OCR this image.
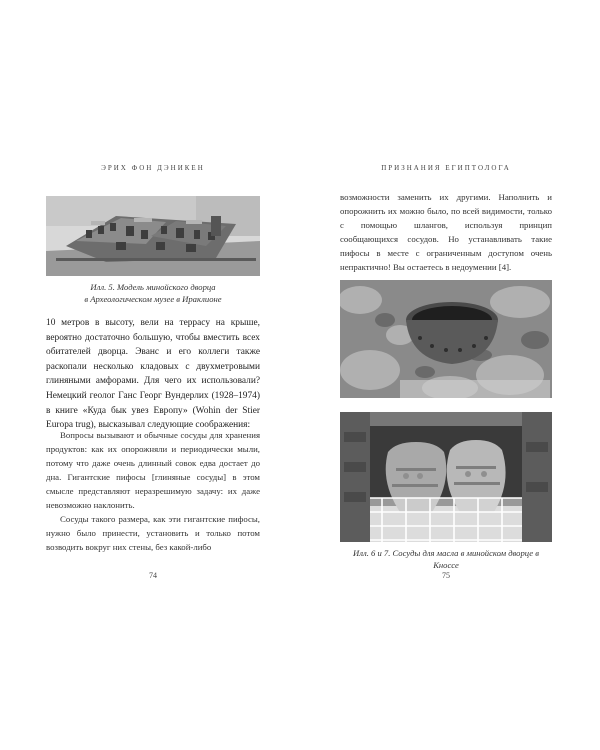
ЭРИХ ФОН ДЭНИКЕН
Илл. 5. Модель минойского дворца
в Археологическом музее в Ираклионе

10 метров в высоту, вели на террасу на крыше, вероятно достаточно большую, чтобы вместить всех обитателей дворца. Эванс и его коллеги также раскопали несколько кладовых с двухметровыми глиняными амфорами. Для чего их использовали? Немецкий геолог Ганс Георг Вундерлих (1928–1974) в книге «Куда бык увез Европу» (Wohin der Stier Europa trug), высказывал следующие соображения:

Вопросы вызывают и обычные сосуды для хранения продуктов: как их опорожняли и периодически мыли, потому что даже очень длинный совок едва достает до дна. Гигантские пифосы [глиняные сосуды] в этом смысле представляют неразрешимую задачу: их даже невозможно наклонить.

Сосуды такого размера, как эти гигантские пифосы, нужно было принести, установить и только потом возводить вокруг них стены, без какой-либо

74
ПРИЗНАНИЯ ЕГИПТОЛОГА

возможности заменить их другими. Наполнить и опорожнить их можно было, по всей видимости, только с помощью шлангов, используя принцип сообщающихся сосудов. Но устанавливать такие пифосы в месте с ограниченным доступом очень непрактично! Вы остаетесь в недоумении [4].

Илл. 6 и 7. Сосуды для масла в минойском дворце в Кноссе
75
